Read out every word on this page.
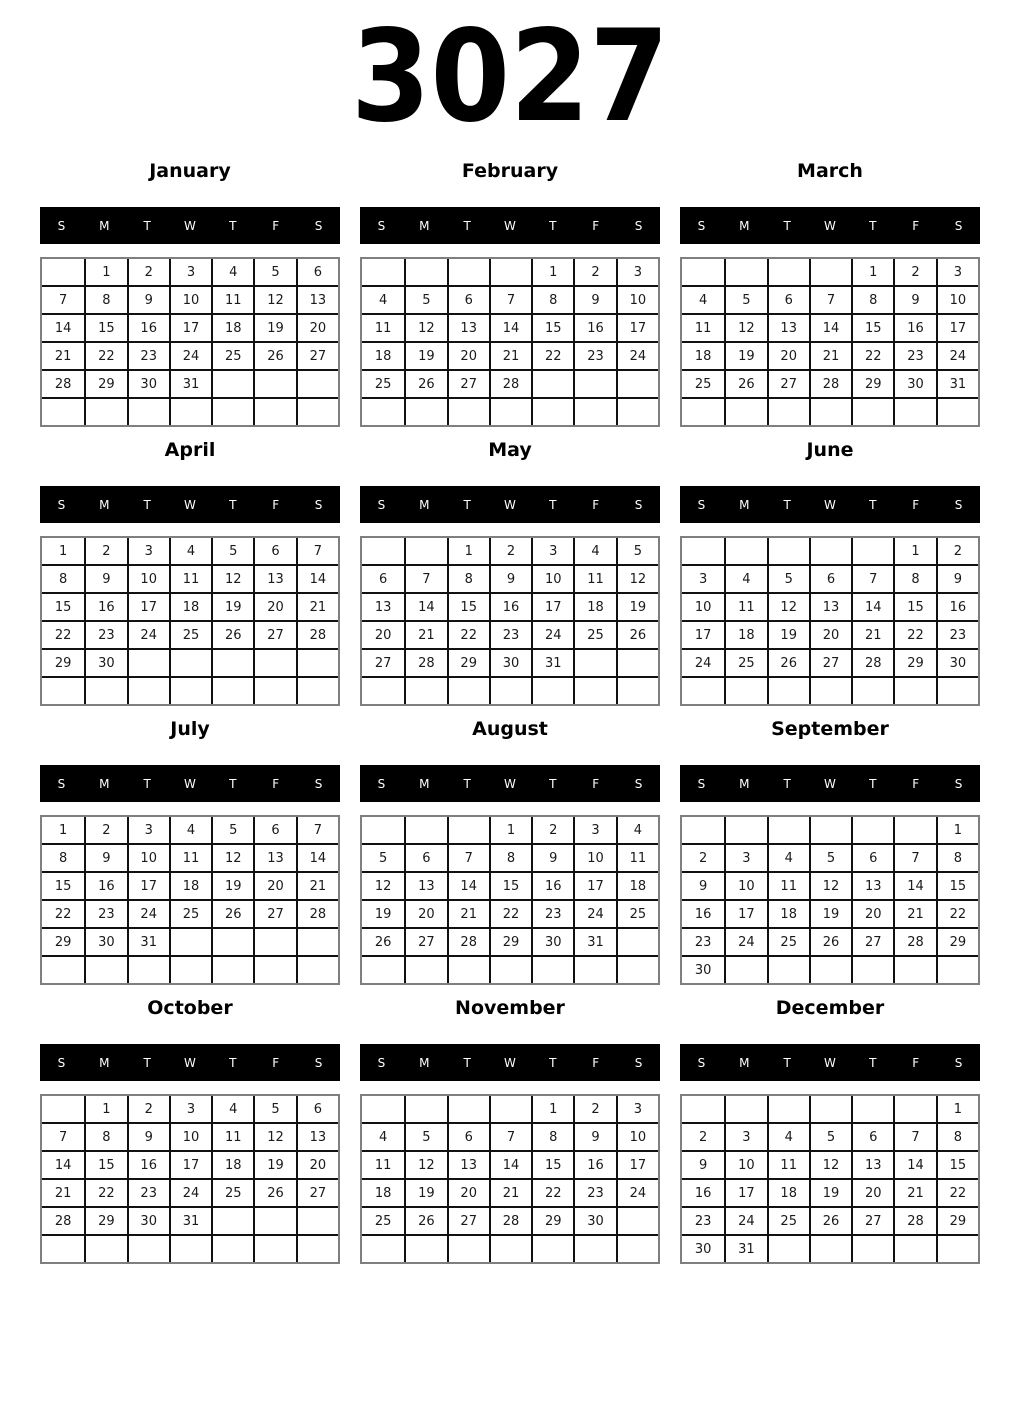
3027
January
S	M	T	W	T	F	S
	1	2	3	4	5	6
7	8	9	10	11	12	13
14	15	16	17	18	19	20
21	22	23	24	25	26	27
28	29	30	31			

February
S	M	T	W	T	F	S
				1	2	3
4	5	6	7	8	9	10
11	12	13	14	15	16	17
18	19	20	21	22	23	24
25	26	27	28			

March
S	M	T	W	T	F	S
				1	2	3
4	5	6	7	8	9	10
11	12	13	14	15	16	17
18	19	20	21	22	23	24
25	26	27	28	29	30	31

April
S	M	T	W	T	F	S
1	2	3	4	5	6	7
8	9	10	11	12	13	14
15	16	17	18	19	20	21
22	23	24	25	26	27	28
29	30					

May
S	M	T	W	T	F	S
		1	2	3	4	5
6	7	8	9	10	11	12
13	14	15	16	17	18	19
20	21	22	23	24	25	26
27	28	29	30	31		

June
S	M	T	W	T	F	S
					1	2
3	4	5	6	7	8	9
10	11	12	13	14	15	16
17	18	19	20	21	22	23
24	25	26	27	28	29	30

July
S	M	T	W	T	F	S
1	2	3	4	5	6	7
8	9	10	11	12	13	14
15	16	17	18	19	20	21
22	23	24	25	26	27	28
29	30	31				

August
S	M	T	W	T	F	S
			1	2	3	4
5	6	7	8	9	10	11
12	13	14	15	16	17	18
19	20	21	22	23	24	25
26	27	28	29	30	31	

September
S	M	T	W	T	F	S
						1
2	3	4	5	6	7	8
9	10	11	12	13	14	15
16	17	18	19	20	21	22
23	24	25	26	27	28	29
30						
October
S	M	T	W	T	F	S
	1	2	3	4	5	6
7	8	9	10	11	12	13
14	15	16	17	18	19	20
21	22	23	24	25	26	27
28	29	30	31			

November
S	M	T	W	T	F	S
				1	2	3
4	5	6	7	8	9	10
11	12	13	14	15	16	17
18	19	20	21	22	23	24
25	26	27	28	29	30	

December
S	M	T	W	T	F	S
						1
2	3	4	5	6	7	8
9	10	11	12	13	14	15
16	17	18	19	20	21	22
23	24	25	26	27	28	29
30	31					
